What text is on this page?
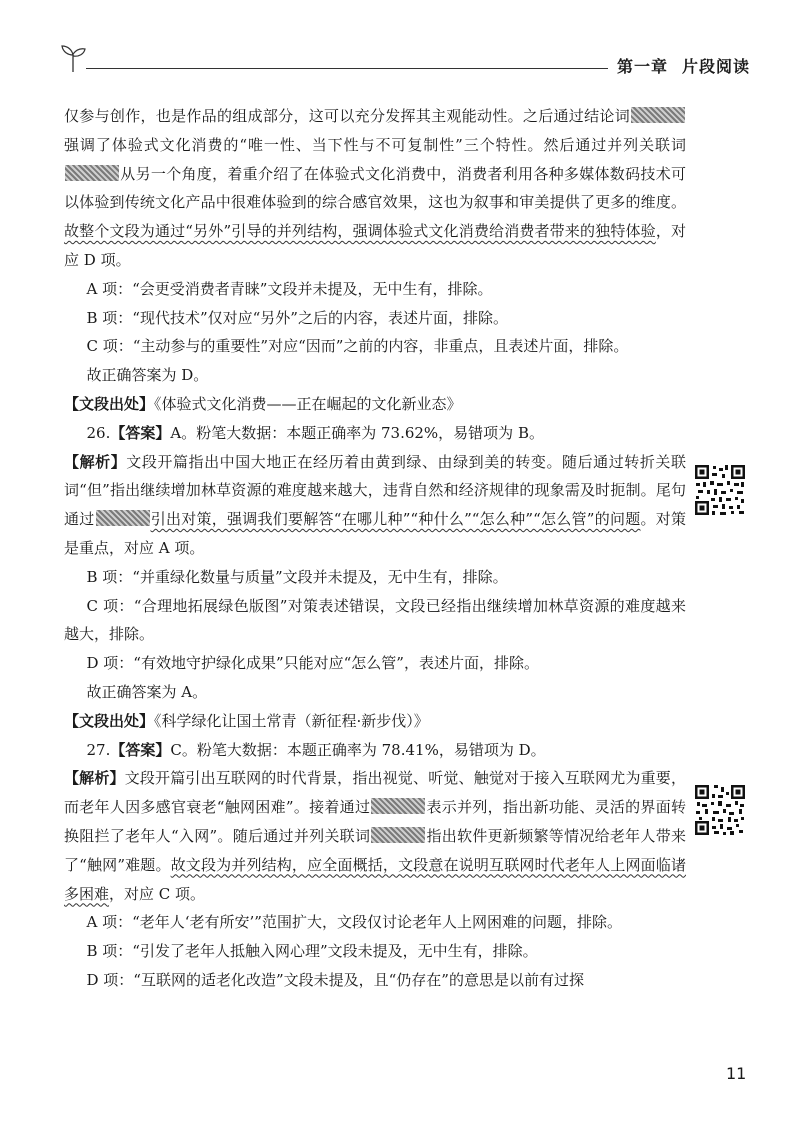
第一章 片段阅读

仅参与创作，也是作品的组成部分，这可以充分发挥其主观能动性。之后通过结论词强调了体验式文化消费的“唯一性、当下性与不可复制性”三个特性。然后通过并列关联词从另一个角度，着重介绍了在体验式文化消费中，消费者利用各种多媒体数码技术可以体验到传统文化产品中很难体验到的综合感官效果，这也为叙事和审美提供了更多的维度。故整个文段为通过“另外”引导的并列结构，强调体验式文化消费给消费者带来的独特体验，对应 D 项。

A 项：“会更受消费者青睐”文段并未提及，无中生有，排除。

B 项：“现代技术”仅对应“另外”之后的内容，表述片面，排除。

C 项：“主动参与的重要性”对应“因而”之前的内容，非重点，且表述片面，排除。

故正确答案为 D。

【文段出处】《体验式文化消费——正在崛起的文化新业态》

26.【答案】A。粉笔大数据：本题正确率为 73.62%，易错项为 B。

【解析】文段开篇指出中国大地正在经历着由黄到绿、由绿到美的转变。随后通过转折关联词“但”指出继续增加林草资源的难度越来越大，违背自然和经济规律的现象需及时扼制。尾句通过	引出对策，强调我们要解答“在哪儿种”“种什么”“怎么种”“怎么管”的问题。对策是重点，对应 A 项。

B 项：“并重绿化数量与质量”文段并未提及，无中生有，排除。

C 项：“合理地拓展绿色版图”对策表述错误，文段已经指出继续增加林草资源的难度越来越大，排除。

D 项：“有效地守护绿化成果”只能对应“怎么管”，表述片面，排除。

故正确答案为 A。

【文段出处】《科学绿化让国土常青（新征程·新步伐）》

27.【答案】C。粉笔大数据：本题正确率为 78.41%，易错项为 D。

【解析】文段开篇引出互联网的时代背景，指出视觉、听觉、触觉对于接入互联网尤为重要，而老年人因多感官衰老“触网困难”。接着通过	表示并列，指出新功能、灵活的界面转换阻拦了老年人“入网”。随后通过并列关联词	指出软件更新频繁等情况给老年人带来了“触网”难题。故文段为并列结构，应全面概括，文段意在说明互联网时代老年人上网面临诸多困难，对应 C 项。

A 项：“老年人‘老有所安’”范围扩大，文段仅讨论老年人上网困难的问题，排除。

B 项：“引发了老年人抵触入网心理”文段未提及，无中生有，排除。

D 项：“互联网的适老化改造”文段未提及，且“仍存在”的意思是以前有过探

11
